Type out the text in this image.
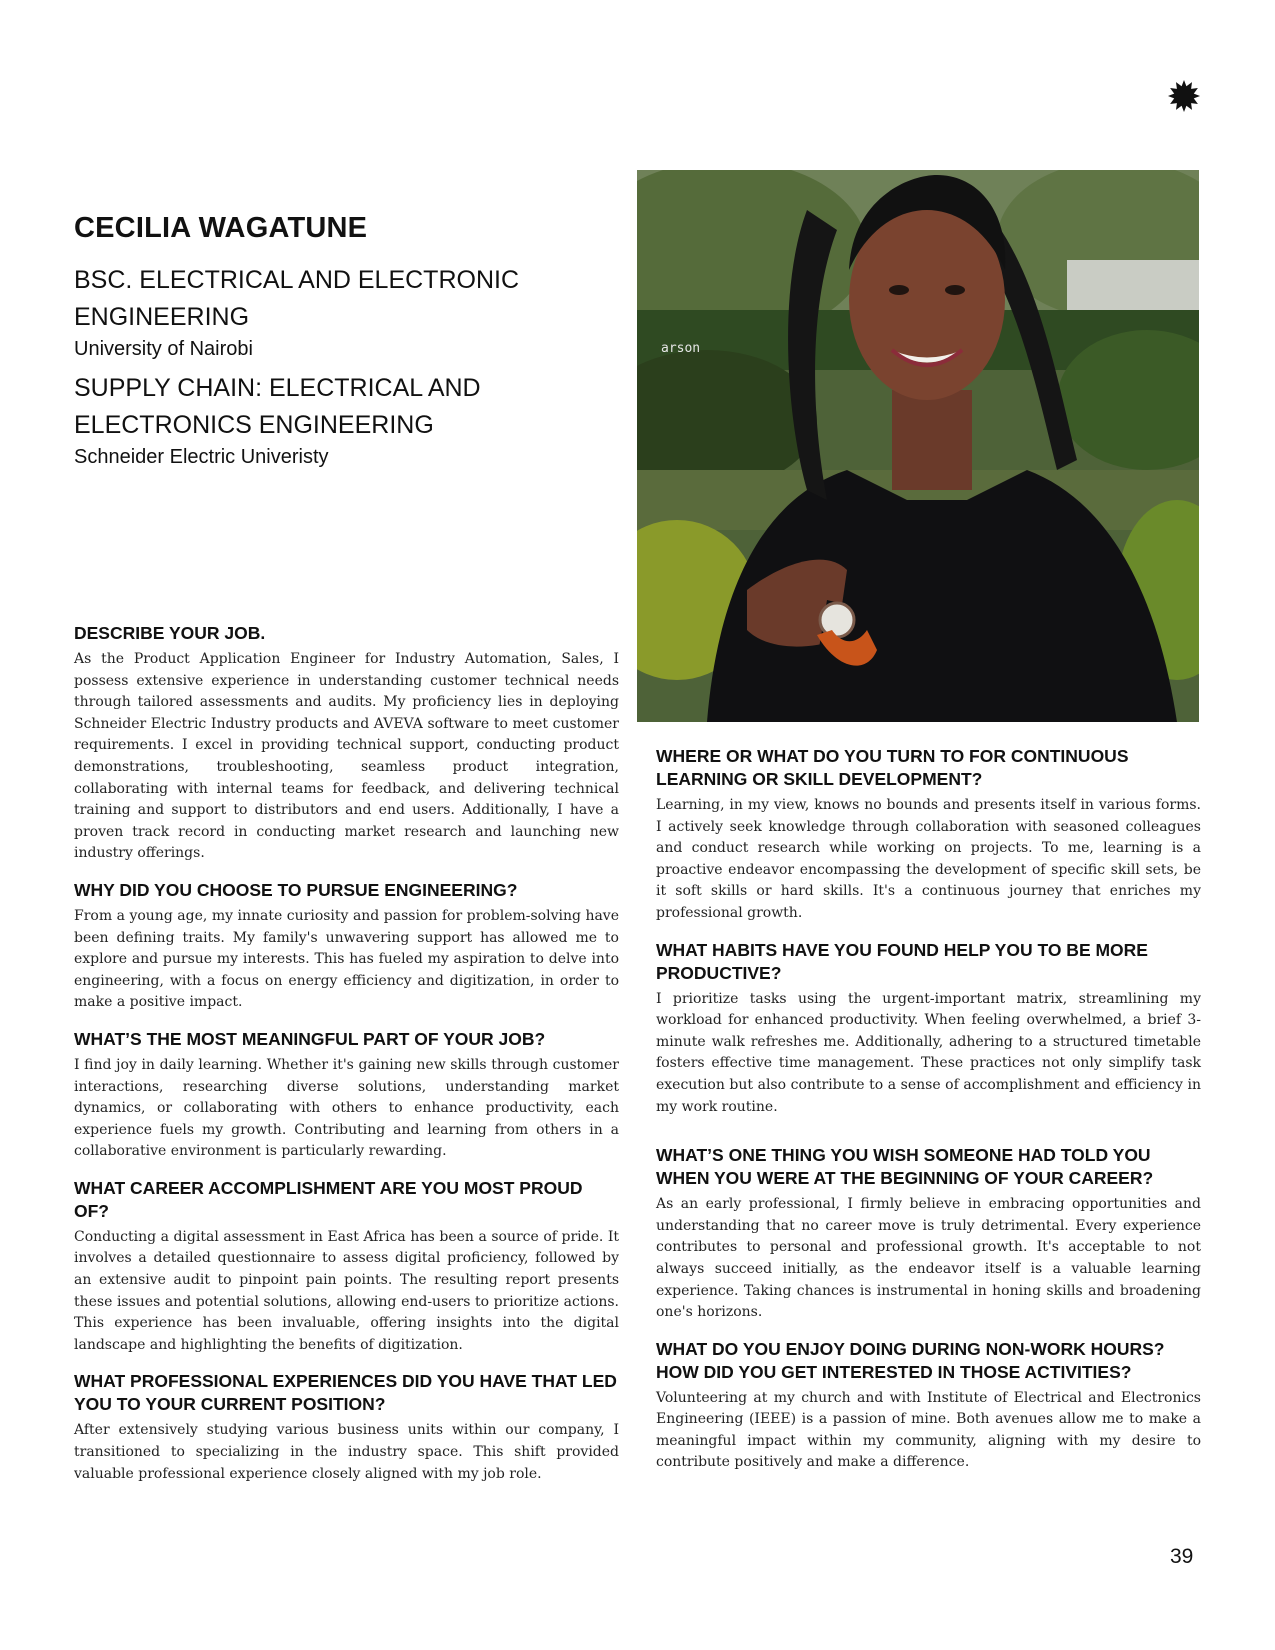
CECILIA WAGATUNE
BSC. ELECTRICAL AND ELECTRONIC ENGINEERING
University of Nairobi
SUPPLY CHAIN: ELECTRICAL AND ELECTRONICS ENGINEERING
Schneider Electric Univeristy
arson
DESCRIBE YOUR JOB.

As the Product Application Engineer for Industry Automation, Sales, I possess extensive experience in understanding customer technical needs through tailored assessments and audits. My proficiency lies in deploying Schneider Electric Industry products and AVEVA software to meet customer requirements. I excel in providing technical support, conducting product demonstrations, troubleshooting, seamless product integration, collaborating with internal teams for feedback, and delivering technical training and support to distributors and end users. Additionally, I have a proven track record in conducting market research and launching new industry offerings.

WHY DID YOU CHOOSE TO PURSUE ENGINEERING?

From a young age, my innate curiosity and passion for problem-solving have been defining traits. My family's unwavering support has allowed me to explore and pursue my interests. This has fueled my aspiration to delve into engineering, with a focus on energy efficiency and digitization, in order to make a positive impact.

WHAT’S THE MOST MEANINGFUL PART OF YOUR JOB?

I find joy in daily learning. Whether it's gaining new skills through customer interactions, researching diverse solutions, understanding market dynamics, or collaborating with others to enhance productivity, each experience fuels my growth. Contributing and learning from others in a collaborative environment is particularly rewarding.

WHAT CAREER ACCOMPLISHMENT ARE YOU MOST PROUD OF?

Conducting a digital assessment in East Africa has been a source of pride. It involves a detailed questionnaire to assess digital proficiency, followed by an extensive audit to pinpoint pain points. The resulting report presents these issues and potential solutions, allowing end-users to prioritize actions. This experience has been invaluable, offering insights into the digital landscape and highlighting the benefits of digitization.

WHAT PROFESSIONAL EXPERIENCES DID YOU HAVE THAT LED YOU TO YOUR CURRENT POSITION?

After extensively studying various business units within our company, I transitioned to specializing in the industry space. This shift provided valuable professional experience closely aligned with my job role.

WHERE OR WHAT DO YOU TURN TO FOR CONTINUOUS LEARNING OR SKILL DEVELOPMENT?

Learning, in my view, knows no bounds and presents itself in various forms. I actively seek knowledge through collaboration with seasoned colleagues and conduct research while working on projects. To me, learning is a proactive endeavor encompassing the development of specific skill sets, be it soft skills or hard skills. It's a continuous journey that enriches my professional growth.

WHAT HABITS HAVE YOU FOUND HELP YOU TO BE MORE PRODUCTIVE?

I prioritize tasks using the urgent-important matrix, streamlining my workload for enhanced productivity. When feeling overwhelmed, a brief 3-minute walk refreshes me. Additionally, adhering to a structured timetable fosters effective time management. These practices not only simplify task execution but also contribute to a sense of accomplishment and efficiency in my work routine.

WHAT’S ONE THING YOU WISH SOMEONE HAD TOLD YOU WHEN YOU WERE AT THE BEGINNING OF YOUR CAREER?

As an early professional, I firmly believe in embracing opportunities and understanding that no career move is truly detrimental. Every experience contributes to personal and professional growth. It's acceptable to not always succeed initially, as the endeavor itself is a valuable learning experience. Taking chances is instrumental in honing skills and broadening one's horizons.

WHAT DO YOU ENJOY DOING DURING NON-WORK HOURS? HOW DID YOU GET INTERESTED IN THOSE ACTIVITIES?

Volunteering at my church and with Institute of Electrical and Electronics Engineering (IEEE) is a passion of mine. Both avenues allow me to make a meaningful impact within my community, aligning with my desire to contribute positively and make a difference.

39
